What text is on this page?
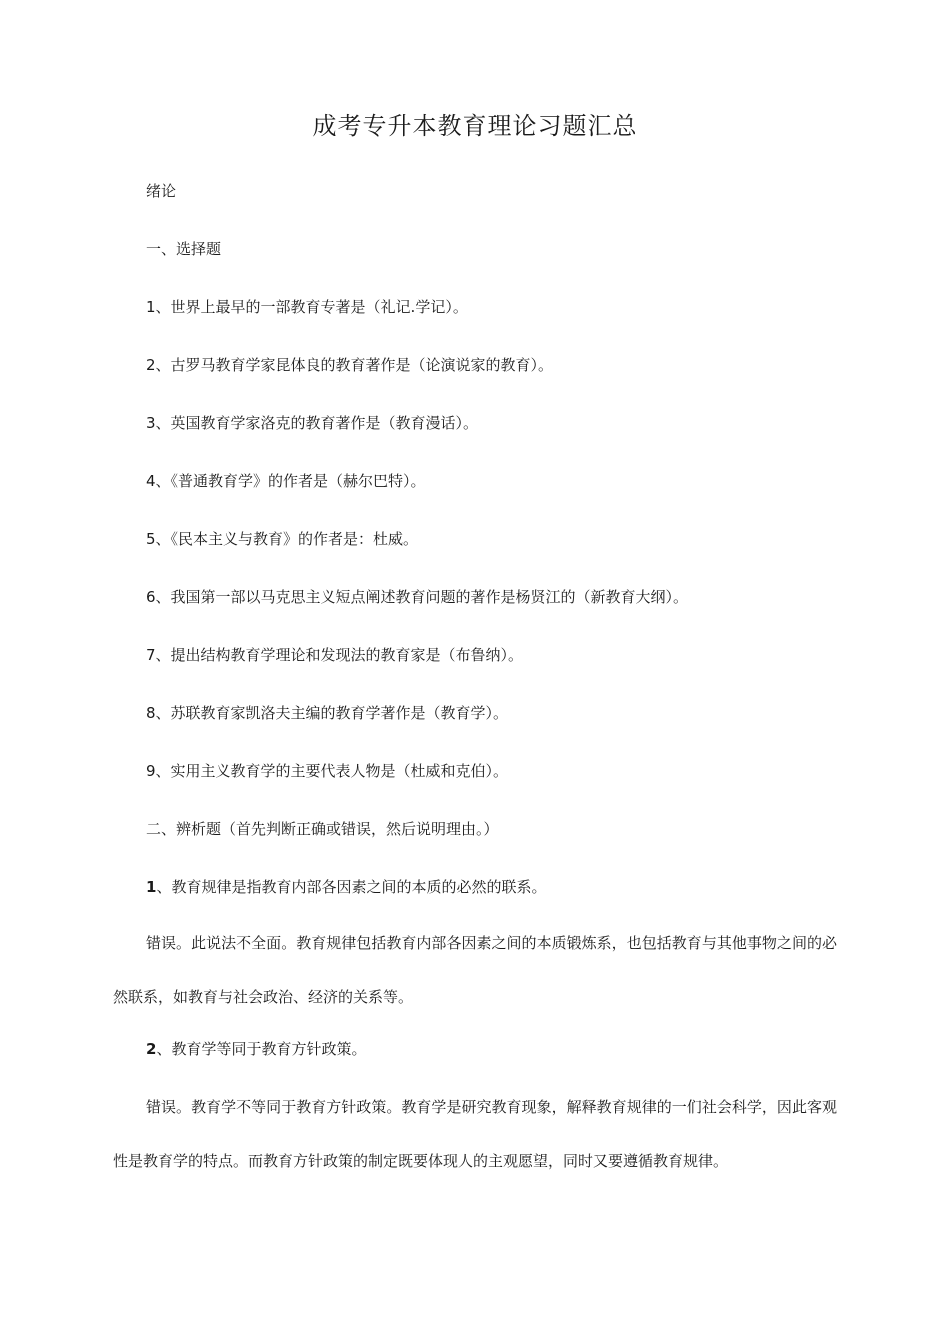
成考专升本教育理论习题汇总
绪论
一、选择题
1、世界上最早的一部教育专著是（礼记.学记）。
2、古罗马教育学家昆体良的教育著作是（论演说家的教育）。
3、英国教育学家洛克的教育著作是（教育漫话）。
4、《普通教育学》的作者是（赫尔巴特）。
5、《民本主义与教育》的作者是：杜威。
6、我国第一部以马克思主义短点阐述教育问题的著作是杨贤江的（新教育大纲）。
7、提出结构教育学理论和发现法的教育家是（布鲁纳）。
8、苏联教育家凯洛夫主编的教育学著作是（教育学）。
9、实用主义教育学的主要代表人物是（杜威和克伯）。
二、辨析题（首先判断正确或错误，然后说明理由。）
1、教育规律是指教育内部各因素之间的本质的必然的联系。
错误。此说法不全面。教育规律包括教育内部各因素之间的本质锻炼系，也包括教育与其他事物之间的必然联系，如教育与社会政治、经济的关系等。
2、教育学等同于教育方针政策。
错误。教育学不等同于教育方针政策。教育学是研究教育现象，解释教育规律的一们社会科学，因此客观性是教育学的特点。而教育方针政策的制定既要体现人的主观愿望，同时又要遵循教育规律。
